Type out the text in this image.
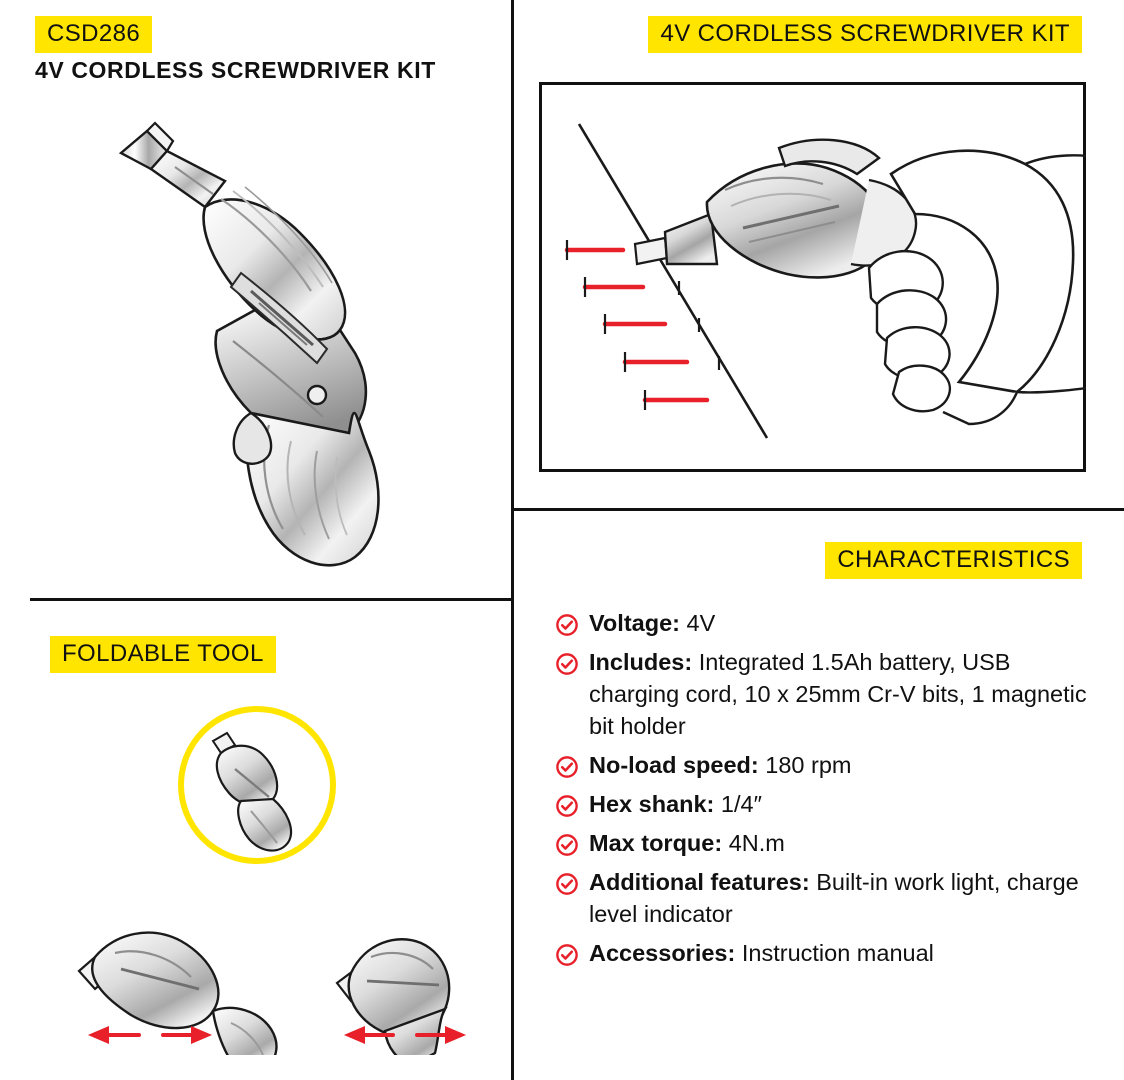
CSD286
4V CORDLESS SCREWDRIVER KIT
4V CORDLESS SCREWDRIVER KIT
FOLDABLE TOOL
CHARACTERISTICS
Voltage: 4V
Includes: Integrated 1.5Ah battery, USB charging cord, 10 x 25mm Cr-V bits, 1 magnetic bit holder
No-load speed: 180 rpm
Hex shank: 1/4″
Max torque: 4N.m
Additional features: Built-in work light, charge level indicator
Accessories: Instruction manual
